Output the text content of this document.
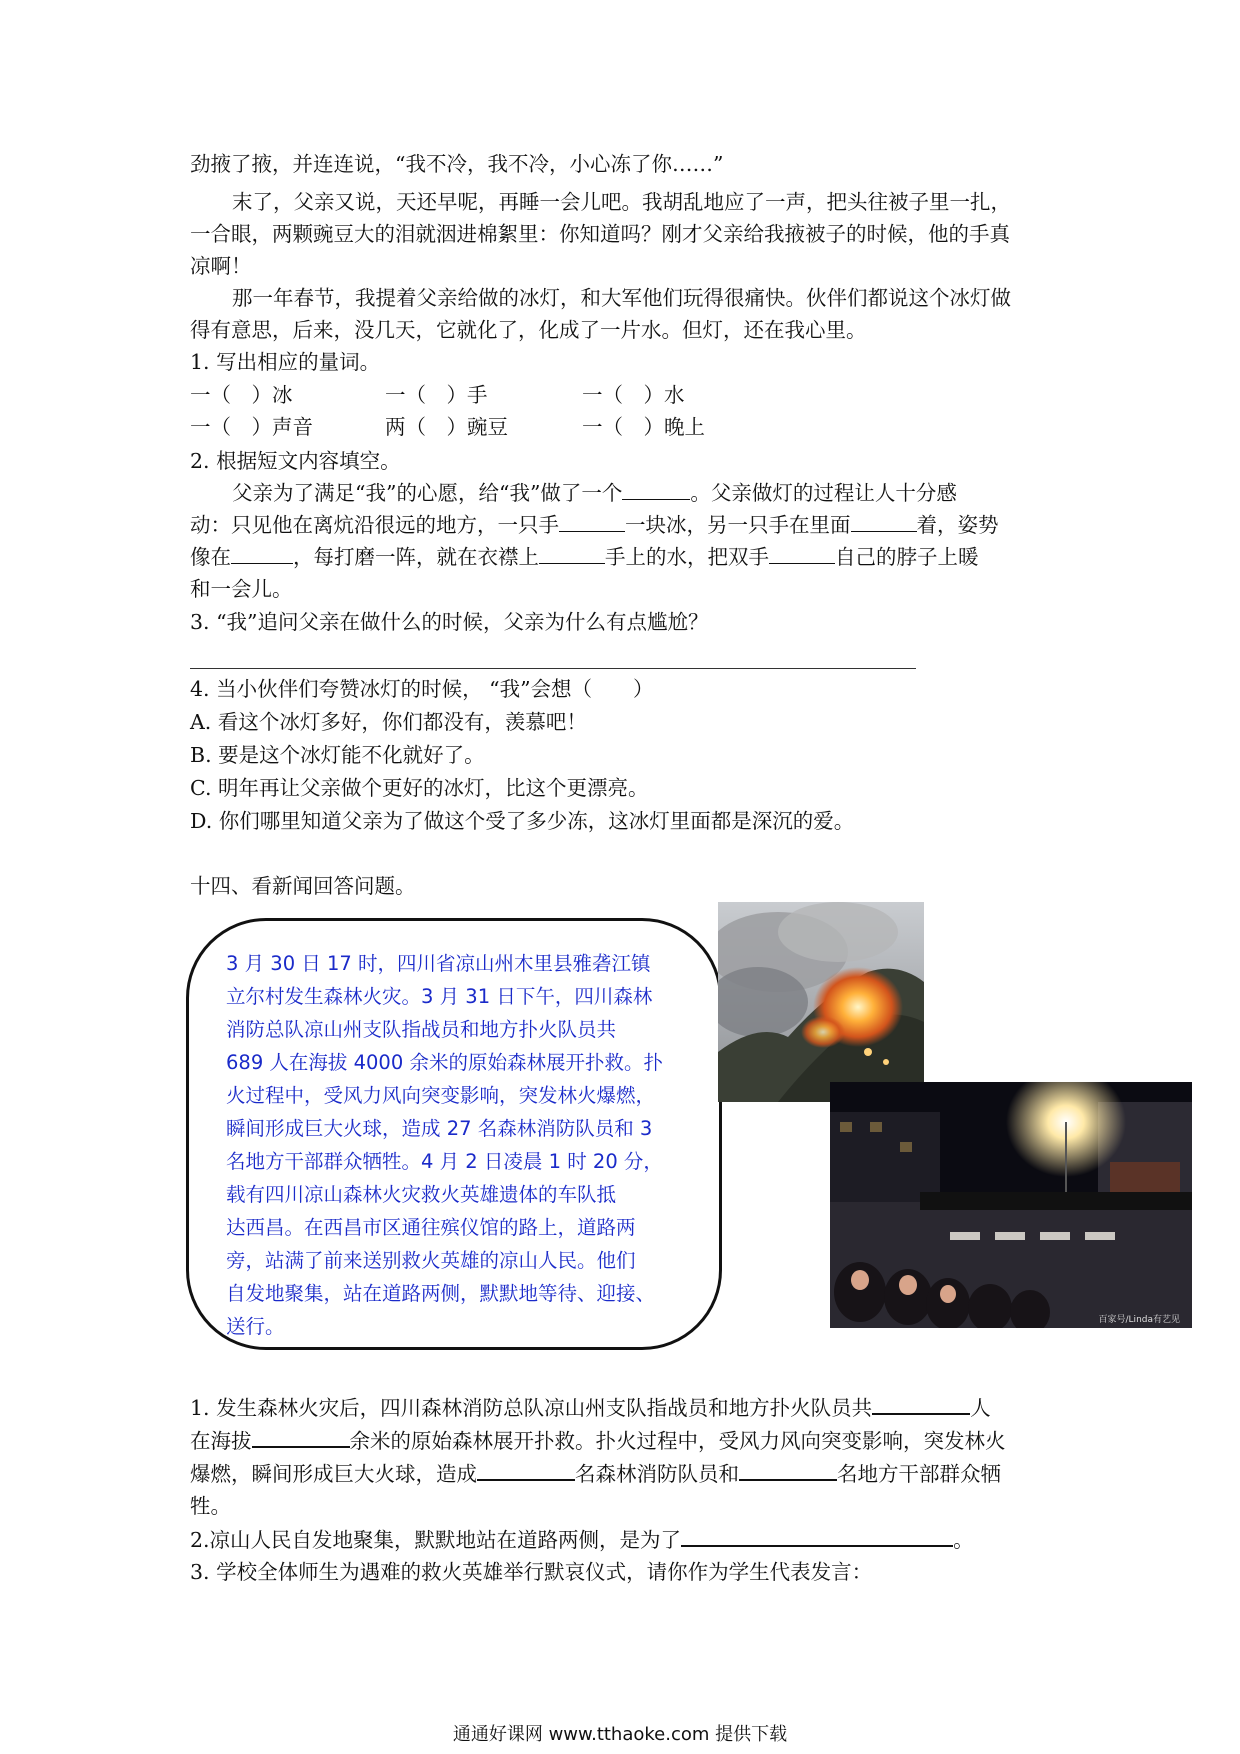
劲掖了掖，并连连说，“我不冷，我不冷，小心冻了你……”
末了，父亲又说，天还早呢，再睡一会儿吧。我胡乱地应了一声，把头往被子里一扎，
一合眼，两颗豌豆大的泪就洇进棉絮里：你知道吗？刚才父亲给我掖被子的时候，他的手真
凉啊！
那一年春节，我提着父亲给做的冰灯，和大军他们玩得很痛快。伙伴们都说这个冰灯做
得有意思，后来，没几天，它就化了，化成了一片水。但灯，还在我心里。
1. 写出相应的量词。
一（　）冰	一（　）手	一（　）水
一（　）声音	两（　）豌豆	一（　）晚上
2. 根据短文内容填空。
父亲为了满足“我”的心愿，给“我”做了一个	。父亲做灯的过程让人十分感
动：只见他在离炕沿很远的地方，一只手	一块冰，另一只手在里面	着，姿势
像在	，每打磨一阵，就在衣襟上	手上的水，把双手	自己的脖子上暖
和一会儿。
3. “我”追问父亲在做什么的时候，父亲为什么有点尴尬？
4. 当小伙伴们夸赞冰灯的时候， “我”会想（　　）
A. 看这个冰灯多好，你们都没有，羡慕吧！
B. 要是这个冰灯能不化就好了。
C. 明年再让父亲做个更好的冰灯，比这个更漂亮。
D. 你们哪里知道父亲为了做这个受了多少冻，这冰灯里面都是深沉的爱。
十四、看新闻回答问题。
3 月 30 日 17 时，四川省凉山州木里县雅砻江镇
立尔村发生森林火灾。3 月 31 日下午，四川森林
消防总队凉山州支队指战员和地方扑火队员共
689 人在海拔 4000 余米的原始森林展开扑救。扑
火过程中，受风力风向突变影响，突发林火爆燃，
瞬间形成巨大火球，造成 27 名森林消防队员和 3
名地方干部群众牺牲。4 月 2 日凌晨 1 时 20 分，
载有四川凉山森林火灾救火英雄遗体的车队抵
达西昌。在西昌市区通往殡仪馆的路上，道路两
旁，站满了前来送别救火英雄的凉山人民。他们
自发地聚集，站在道路两侧，默默地等待、迎接、
送行。	百家号/Linda有艺见
1. 发生森林火灾后，四川森林消防总队凉山州支队指战员和地方扑火队员共	人
在海拔	余米的原始森林展开扑救。扑火过程中，受风力风向突变影响，突发林火
爆燃，瞬间形成巨大火球，造成	名森林消防队员和	名地方干部群众牺
牲。
2.凉山人民自发地聚集，默默地站在道路两侧，是为了	。
3. 学校全体师生为遇难的救火英雄举行默哀仪式，请你作为学生代表发言：
通通好课网 www.tthaoke.com 提供下载
